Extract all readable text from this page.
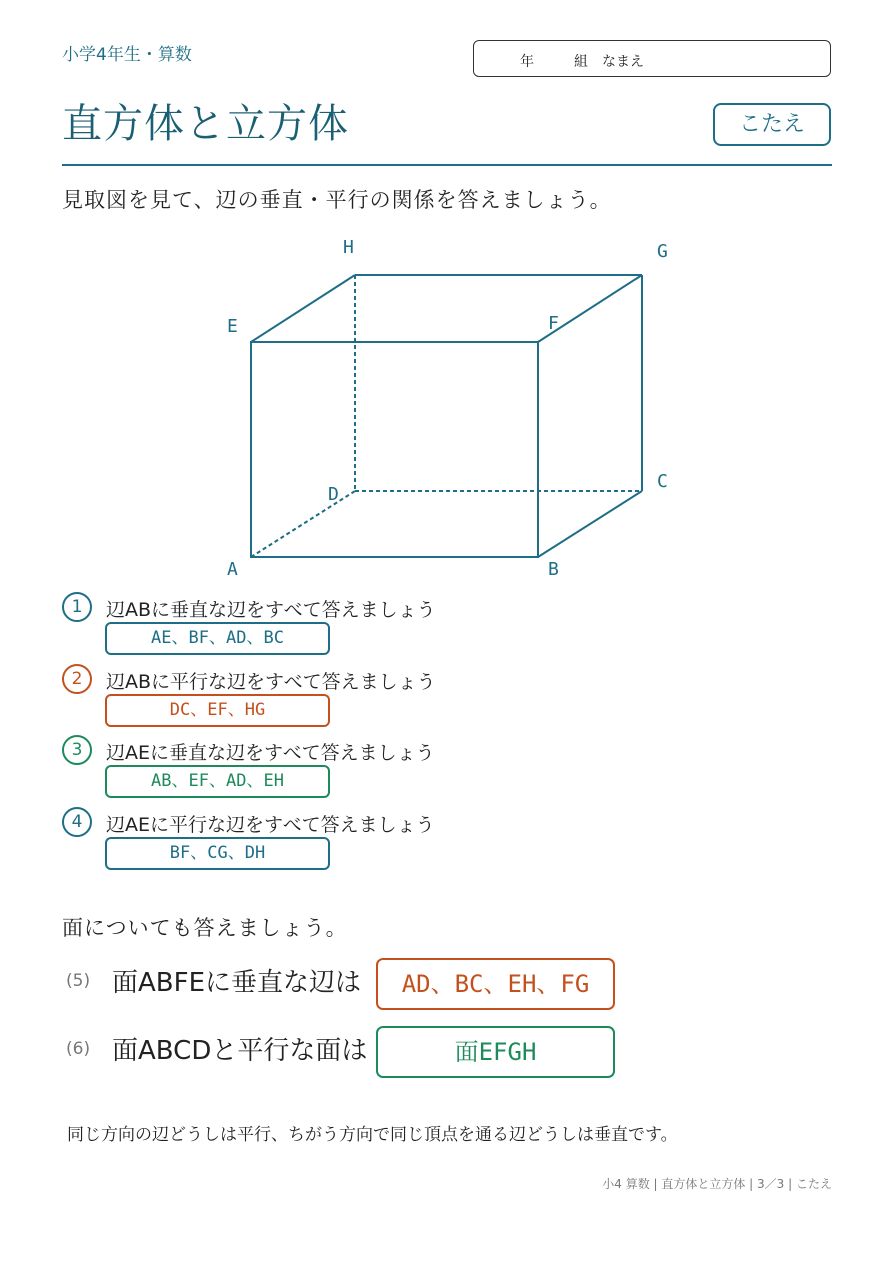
小学4年生・算数	年	組 なまえ
直方体と立方体	こたえ
見取図を見て、辺の垂直・平行の関係を答えましょう。
A	B
C
D
E	F
G
H
1	辺ABに垂直な辺をすべて答えましょう
AE、BF、AD、BC
2	辺ABに平行な辺をすべて答えましょう
DC、EF、HG
3	辺AEに垂直な辺をすべて答えましょう
AB、EF、AD、EH
4	辺AEに平行な辺をすべて答えましょう
BF、CG、DH
面についても答えましょう。
(5) 面ABFEに垂直な辺は	AD、BC、EH、FG
(6) 面ABCDと平行な面は	面EFGH
同じ方向の辺どうしは平行、ちがう方向で同じ頂点を通る辺どうしは垂直です。
小4 算数 | 直方体と立方体 | 3／3 | こたえ
